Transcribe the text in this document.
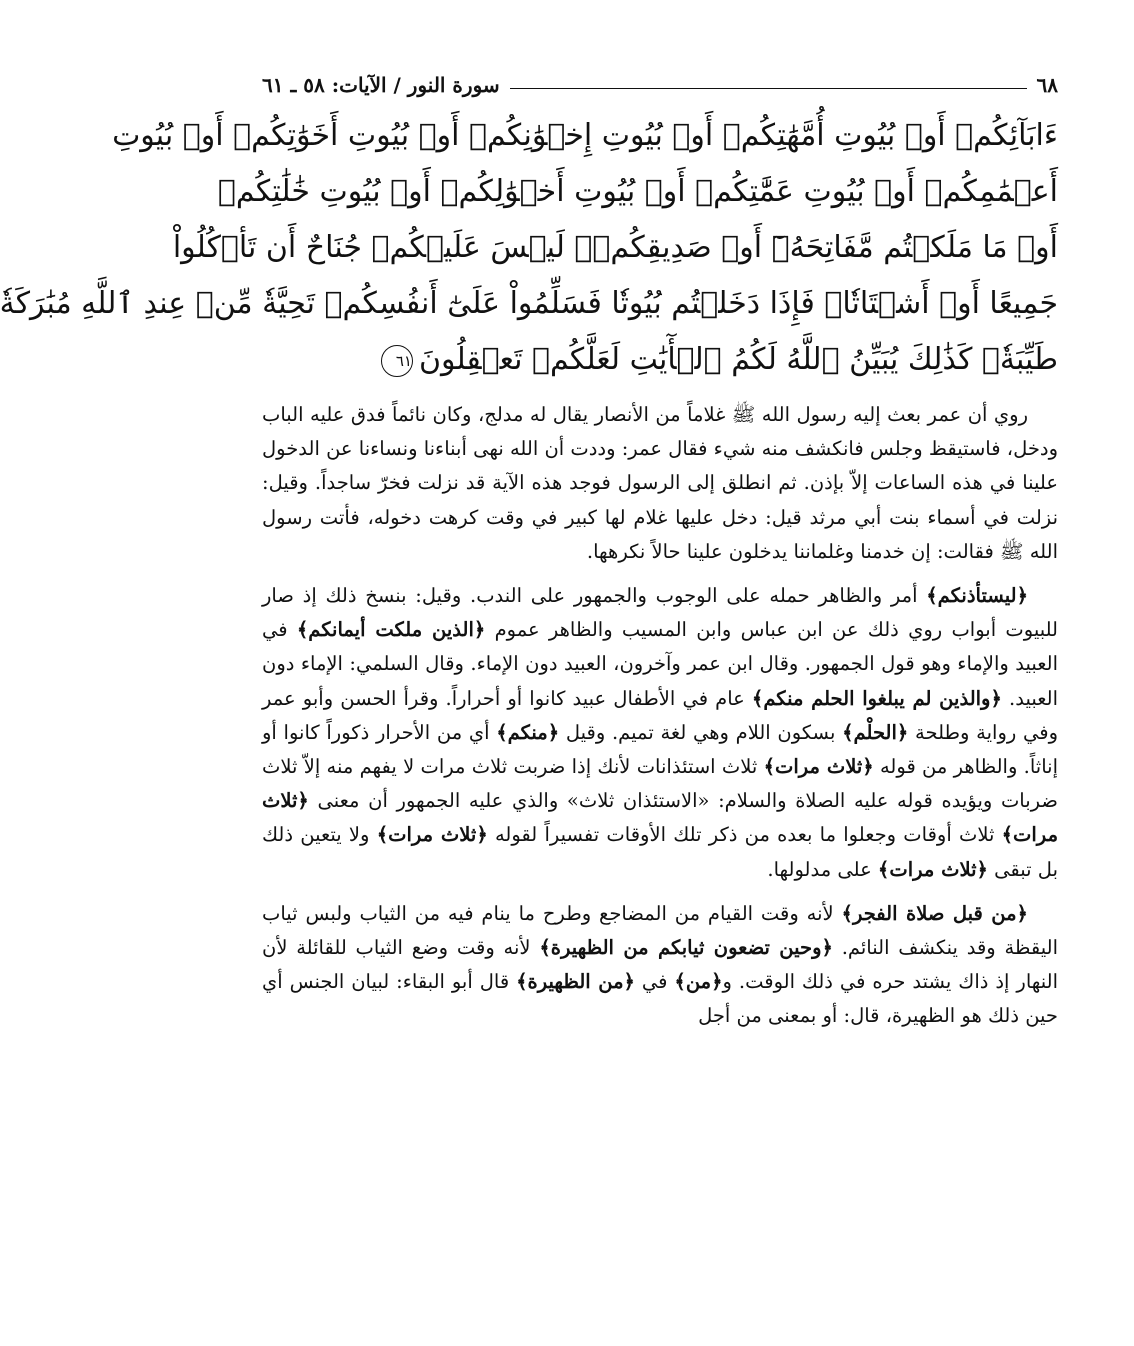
٦٨
سورة النور / الآيات: ٥٨ ـ ٦١
ءَابَآئِكُمۡ أَوۡ بُيُوتِ أُمَّهَٰتِكُمۡ أَوۡ بُيُوتِ إِخۡوَٰنِكُمۡ أَوۡ بُيُوتِ أَخَوَٰتِكُمۡ أَوۡ بُيُوتِ
أَعۡمَٰمِكُمۡ أَوۡ بُيُوتِ عَمَّٰتِكُمۡ أَوۡ بُيُوتِ أَخۡوَٰلِكُمۡ أَوۡ بُيُوتِ خَٰلَٰتِكُمۡ
أَوۡ مَا مَلَكۡتُم مَّفَاتِحَهُۥٓ أَوۡ صَدِيقِكُمۡۚ لَيۡسَ عَلَيۡكُمۡ جُنَاحٌ أَن تَأۡكُلُواْ
جَمِيعًا أَوۡ أَشۡتَاتٗاۚ فَإِذَا دَخَلۡتُم بُيُوتٗا فَسَلِّمُواْ عَلَىٰٓ أَنفُسِكُمۡ تَحِيَّةٗ مِّنۡ عِندِ ٱللَّهِ مُبَٰرَكَةٗ
طَيِّبَةٗۚ كَذَٰلِكَ يُبَيِّنُ ٱللَّهُ لَكُمُ ٱلۡأٓيَٰتِ لَعَلَّكُمۡ تَعۡقِلُونَ٦١

روي أن عمر بعث إليه رسول الله ﷺ غلاماً من الأنصار يقال له مدلج، وكان نائماً فدق عليه الباب ودخل، فاستيقظ وجلس فانكشف منه شيء فقال عمر: وددت أن الله نهى أبناءنا ونساءنا عن الدخول علينا في هذه الساعات إلاّ بإذن. ثم انطلق إلى الرسول فوجد هذه الآية قد نزلت فخرّ ساجداً. وقيل: نزلت في أسماء بنت أبي مرثد قيل: دخل عليها غلام لها كبير في وقت كرهت دخوله، فأتت رسول الله ﷺ فقالت: إن خدمنا وغلماننا يدخلون علينا حالاً نكرهها.

﴿ليستأذنكم﴾ أمر والظاهر حمله على الوجوب والجمهور على الندب. وقيل: بنسخ ذلك إذ صار للبيوت أبواب روي ذلك عن ابن عباس وابن المسيب والظاهر عموم ﴿الذين ملكت أيمانكم﴾ في العبيد والإماء وهو قول الجمهور. وقال ابن عمر وآخرون، العبيد دون الإماء. وقال السلمي: الإماء دون العبيد. ﴿والذين لم يبلغوا الحلم منكم﴾ عام في الأطفال عبيد كانوا أو أحراراً. وقرأ الحسن وأبو عمر وفي رواية وطلحة ﴿الحلْم﴾ بسكون اللام وهي لغة تميم. وقيل ﴿منكم﴾ أي من الأحرار ذكوراً كانوا أو إناثاً. والظاهر من قوله ﴿ثلاث مرات﴾ ثلاث استئذانات لأنك إذا ضربت ثلاث مرات لا يفهم منه إلاّ ثلاث ضربات ويؤيده قوله عليه الصلاة والسلام: «الاستئذان ثلاث» والذي عليه الجمهور أن معنى ﴿ثلاث مرات﴾ ثلاث أوقات وجعلوا ما بعده من ذكر تلك الأوقات تفسيراً لقوله ﴿ثلاث مرات﴾ ولا يتعين ذلك بل تبقى ﴿ثلاث مرات﴾ على مدلولها.

﴿من قبل صلاة الفجر﴾ لأنه وقت القيام من المضاجع وطرح ما ينام فيه من الثياب ولبس ثياب اليقظة وقد ينكشف النائم. ﴿وحين تضعون ثيابكم من الظهيرة﴾ لأنه وقت وضع الثياب للقائلة لأن النهار إذ ذاك يشتد حره في ذلك الوقت. و﴿من﴾ في ﴿من الظهيرة﴾ قال أبو البقاء: لبيان الجنس أي حين ذلك هو الظهيرة، قال: أو بمعنى من أجل
